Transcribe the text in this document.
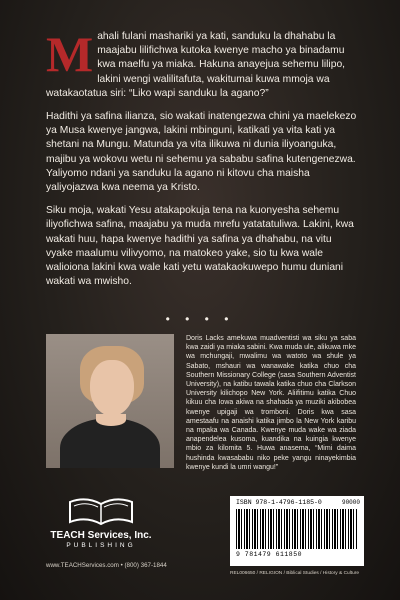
Mahali fulani mashariki ya kati, sanduku la dhahabu la maajabu lilifichwa kutoka kwenye macho ya binadamu kwa maelfu ya miaka. Hakuna anayejua sehemu lilipo, lakini wengi walilitafuta, wakitumai kuwa mmoja wa watakaotatua siri: “Liko wapi sanduku la agano?”

Hadithi ya safina ilianza, sio wakati inatengezwa chini ya maelekezo ya Musa kwenye jangwa, lakini mbinguni, katikati ya vita kati ya shetani na Mungu. Matunda ya vita ilikuwa ni dunia iliyoanguka, majibu ya wokovu wetu ni sehemu ya sababu safina kutengenezwa. Yaliyomo ndani ya sanduku la agano ni kitovu cha maisha yaliyojazwa kwa neema ya Kristo.

Siku moja, wakati Yesu atakapokuja tena na kuonyesha sehemu iliyofichwa safina, maajabu ya muda mrefu yatatatuliwa. Lakini, kwa wakati huu, hapa kwenye hadithi ya safina ya dhahabu, na vitu vyake maalumu vilivyomo, na matokeo yake, sio tu kwa wale walioiona lakini kwa wale kati yetu watakaokuwepo humu duniani wakati wa mwisho.

• • • •
Doris Lacks amekuwa muadventisti wa siku ya saba kwa zaidi ya miaka sabini. Kwa muda ule, alikuwa mke wa mchungaji, mwalimu wa watoto wa shule ya Sabato, mshauri wa wanawake katika chuo cha Southern Missionary College (sasa Southern Adventist University), na katibu tawala katika chuo cha Clarkson University kilichopo New York. Aliifitimu katika Chuo kikuu cha Iowa akiwa na shahada ya muziki akibobea kwenye upigaji wa tromboni. Doris kwa sasa amestaafu na anaishi katika jimbo la New York karibu na mpaka wa Canada. Kwenye muda wake wa ziada anapendelea kusoma, kuandika na kuingia kwenye mbio za kilomita 5. Huwa anasema, “Mimi daima hushinda kwasababu niko peke yangu ninayekimbia kwenye kundi la umri wangu!”
TEACH Services, Inc.
PUBLISHING
www.TEACHServices.com • (800) 367-1844
ISBN 978-1-4796-1185-0	90000
9 781479 611850
REL006650 / RELIGION / Biblical Studies / History & Culture
